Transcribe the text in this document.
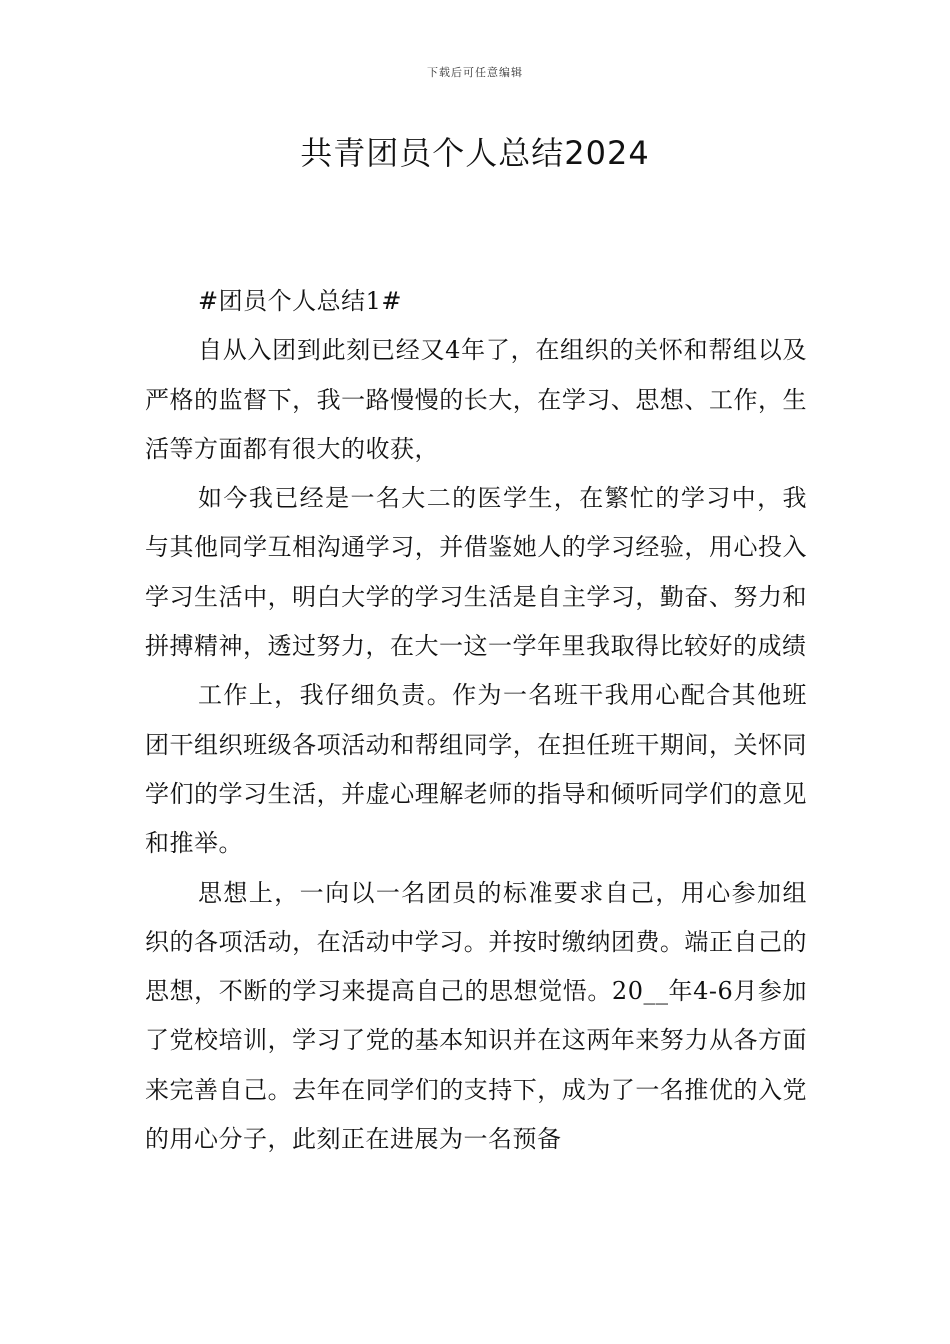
下载后可任意编辑
共青团员个人总结2024

#团员个人总结1#

自从入团到此刻已经又4年了，在组织的关怀和帮组以及严格的监督下，我一路慢慢的长大，在学习、思想、工作，生活等方面都有很大的收获，

如今我已经是一名大二的医学生，在繁忙的学习中，我与其他同学互相沟通学习，并借鉴她人的学习经验，用心投入学习生活中，明白大学的学习生活是自主学习，勤奋、努力和拼搏精神，透过努力，在大一这一学年里我取得比较好的成绩

工作上，我仔细负责。作为一名班干我用心配合其他班团干组织班级各项活动和帮组同学，在担任班干期间，关怀同学们的学习生活，并虚心理解老师的指导和倾听同学们的意见和推举。

思想上，一向以一名团员的标准要求自己，用心参加组织的各项活动，在活动中学习。并按时缴纳团费。端正自己的思想，不断的学习来提高自己的思想觉悟。20__年4-6月参加了党校培训，学习了党的基本知识并在这两年来努力从各方面来完善自己。去年在同学们的支持下，成为了一名推优的入党的用心分子，此刻正在进展为一名预备
